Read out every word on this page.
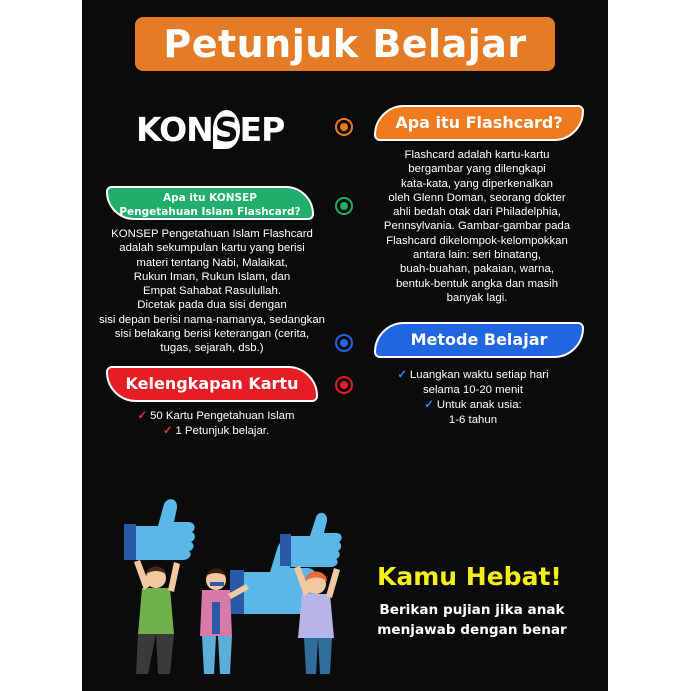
Petunjuk Belajar
KONSEP	Apa itu Flashcard?

Flashcard adalah kartu-kartu
bergambar yang dilengkapi
kata-kata, yang diperkenalkan
oleh Glenn Doman, seorang dokter
ahli bedah otak dari Philadelphia,
Pennsylvania. Gambar-gambar pada
Flashcard dikelompok-kelompokkan
antara lain: seri binatang,
buah-buahan, pakaian, warna,
bentuk-bentuk angka dan masih
banyak lagi.

Apa itu KONSEP
Pengetahuan Islam Flashcard?

KONSEP Pengetahuan Islam Flashcard
adalah sekumpulan kartu yang berisi
materi tentang Nabi, Malaikat,
Rukun Iman, Rukun Islam, dan
Empat Sahabat Rasulullah.
Dicetak pada dua sisi dengan
sisi depan berisi nama-namanya, sedangkan
sisi belakang berisi keterangan (cerita,
tugas, sejarah, dsb.)	Metode Belajar
✓ Luangkan waktu setiap hari
selama 10-20 menit
✓ Untuk anak usia:
1-6 tahun
Kelengkapan Kartu
✓ 50 Kartu Pengetahuan Islam
✓ 1 Petunjuk belajar.
Kamu Hebat!
Berikan pujian jika anak
menjawab dengan benar
